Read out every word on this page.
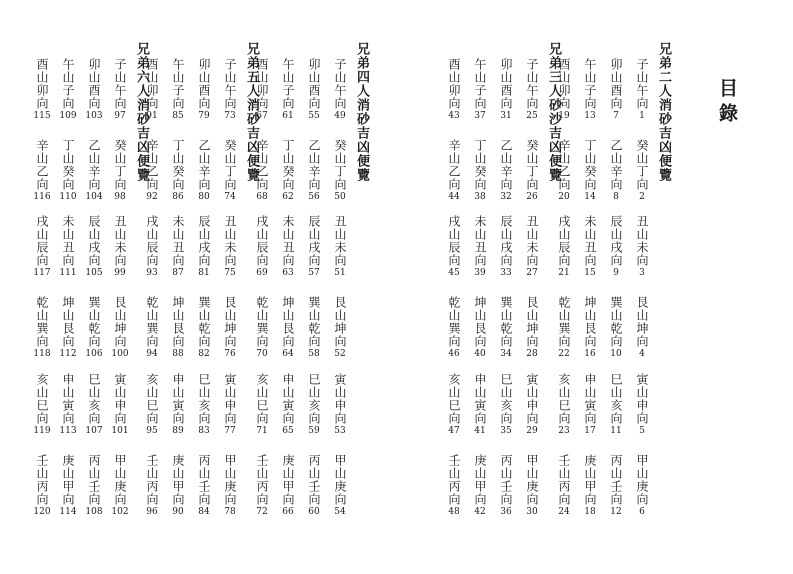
目錄
兄弟二人消砂吉凶便覽
子山午向
1
癸山丁向
2
丑山未向
3
艮山坤向
4
寅山申向
5
甲山庚向
6
卯山酉向
7
乙山辛向
8
辰山戌向
9
巽山乾向
10
巳山亥向
11
丙山壬向
12
午山子向
13
丁山癸向
14
未山丑向
15
坤山艮向
16
申山寅向
17
庚山甲向
18
酉山卯向
19
辛山乙向
20
戌山辰向
21
乾山巽向
22
亥山巳向
23
壬山丙向
24
兄弟三人砂沙吉凶便覽
子山午向
25
癸山丁向
26
丑山未向
27
艮山坤向
28
寅山申向
29
甲山庚向
30
卯山酉向
31
乙山辛向
32
辰山戌向
33
巽山乾向
34
巳山亥向
35
丙山壬向
36
午山子向
37
丁山癸向
38
未山丑向
39
坤山艮向
40
申山寅向
41
庚山甲向
42
酉山卯向
43
辛山乙向
44
戌山辰向
45
乾山巽向
46
亥山巳向
47
壬山丙向
48
兄弟四人消砂吉凶便覽
子山午向
49
癸山丁向
50
丑山未向
51
艮山坤向
52
寅山申向
53
甲山庚向
54
卯山酉向
55
乙山辛向
56
辰山戌向
57
巽山乾向
58
巳山亥向
59
丙山壬向
60
午山子向
61
丁山癸向
62
未山丑向
63
坤山艮向
64
申山寅向
65
庚山甲向
66
酉山卯向
67
辛山乙向
68
戌山辰向
69
乾山巽向
70
亥山巳向
71
壬山丙向
72
兄弟五人消砂吉凶便覽
子山午向
73
癸山丁向
74
丑山未向
75
艮山坤向
76
寅山申向
77
甲山庚向
78
卯山酉向
79
乙山辛向
80
辰山戌向
81
巽山乾向
82
巳山亥向
83
丙山壬向
84
午山子向
85
丁山癸向
86
未山丑向
87
坤山艮向
88
申山寅向
89
庚山甲向
90
酉山卯向
91
辛山乙向
92
戌山辰向
93
乾山巽向
94
亥山巳向
95
壬山丙向
96
兄弟六人消砂吉凶便覽
子山午向
97
癸山丁向
98
丑山未向
99
艮山坤向
100
寅山申向
101
甲山庚向
102
卯山酉向
103
乙山辛向
104
辰山戌向
105
巽山乾向
106
巳山亥向
107
丙山壬向
108
午山子向
109
丁山癸向
110
未山丑向
111
坤山艮向
112
申山寅向
113
庚山甲向
114
酉山卯向
115
辛山乙向
116
戌山辰向
117
乾山巽向
118
亥山巳向
119
壬山丙向
120
